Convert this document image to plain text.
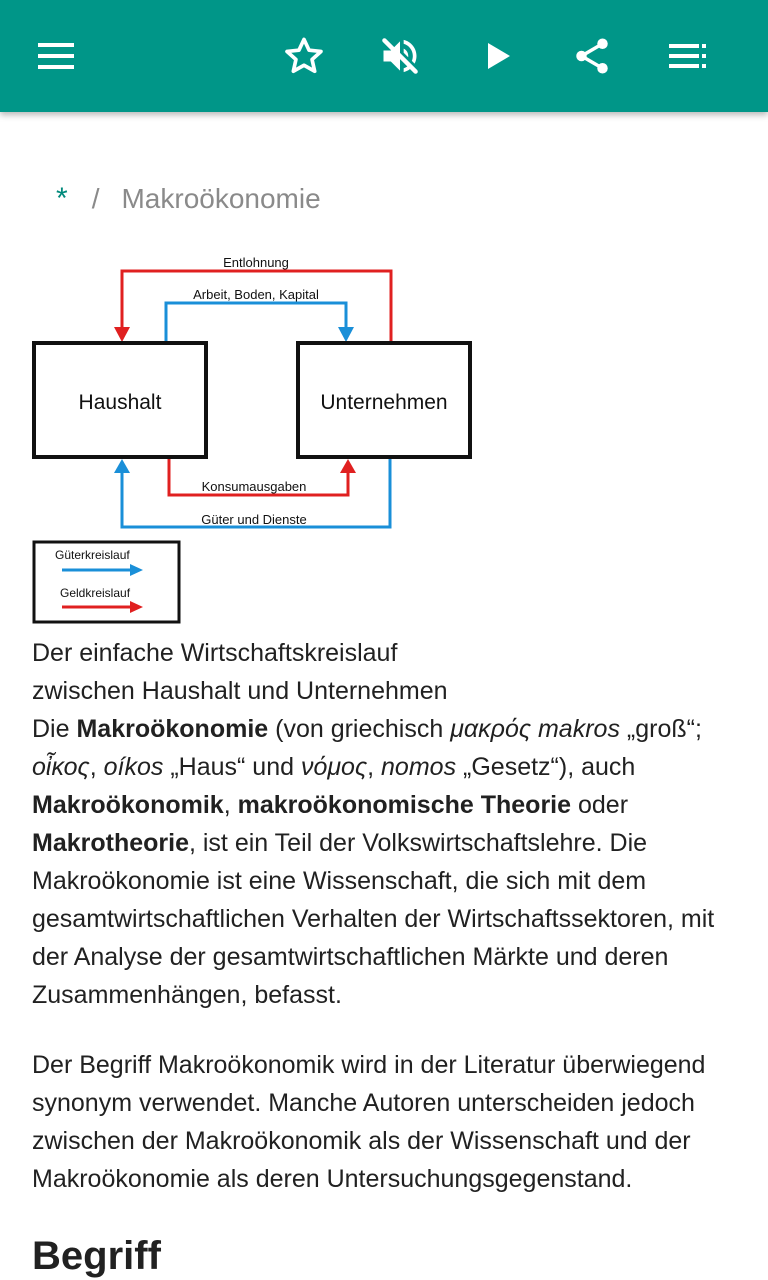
* / Makroökonomie
Entlohnung
Arbeit, Boden, Kapital
Haushalt	Unternehmen
Konsumausgaben
Güter und Dienste
Güterkreislauf
Geldkreislauf
Der einfache Wirtschaftskreislauf
zwischen Haushalt und Unternehmen

Die Makroökonomie (von griechisch μακρός makros „groß“; οἶκος, oíkos „Haus“ und νόμος, nomos „Gesetz“), auch Makroökonomik, makroökonomische Theorie oder Makrotheorie, ist ein Teil der Volkswirtschaftslehre. Die Makroökonomie ist eine Wissenschaft, die sich mit dem gesamtwirtschaftlichen Verhalten der Wirtschaftssektoren, mit der Analyse der gesamtwirtschaftlichen Märkte und deren Zusammenhängen, befasst.

Der Begriff Makroökonomik wird in der Literatur überwiegend synonym verwendet. Manche Autoren unterscheiden jedoch zwischen der Makroökonomik als der Wissenschaft und der Makroökonomie als deren Untersuchungsgegenstand.

Begriff
